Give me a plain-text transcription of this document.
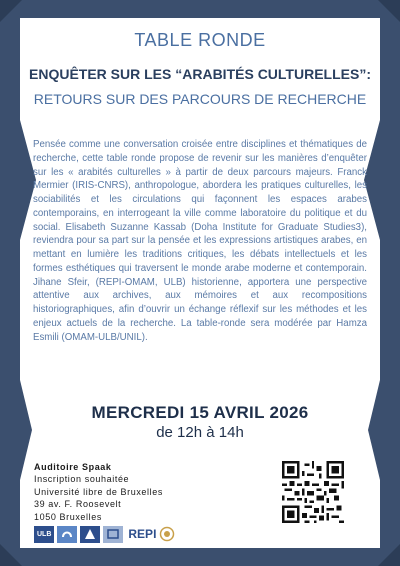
TABLE RONDE
ENQUÊTER SUR LES “ARABITÉS CULTURELLES”:
RETOURS SUR DES PARCOURS DE RECHERCHE

Pensée comme une conversation croisée entre disciplines et thématiques de recherche, cette table ronde propose de revenir sur les manières d’enquêter sur les « arabités culturelles » à partir de deux parcours majeurs. Franck Mermier (IRIS-CNRS), anthropologue, abordera les pratiques culturelles, les sociabilités et les circulations qui façonnent les espaces arabes contemporains, en interrogeant la ville comme laboratoire du politique et du social. Elisabeth Suzanne Kassab (Doha Institute for Graduate Studies3), reviendra pour sa part sur la pensée et les expressions artistiques arabes, en mettant en lumière les traditions critiques, les débats intellectuels et les formes esthétiques qui traversent le monde arabe moderne et contemporain. Jihane Sfeir, (REPI-OMAM, ULB) historienne, apportera une perspective attentive aux archives, aux mémoires et aux recompositions historiographiques, afin d’ouvrir un échange réflexif sur les méthodes et les enjeux actuels de la recherche. La table-ronde sera modérée par Hamza Esmili (OMAM-ULB/UNIL).

MERCREDI 15 AVRIL 2026
de 12h à 14h
Auditoire Spaak
Inscription souhaitée
Université libre de Bruxelles
39 av. F. Roosevelt
1050 Bruxelles
ULB	REPI
